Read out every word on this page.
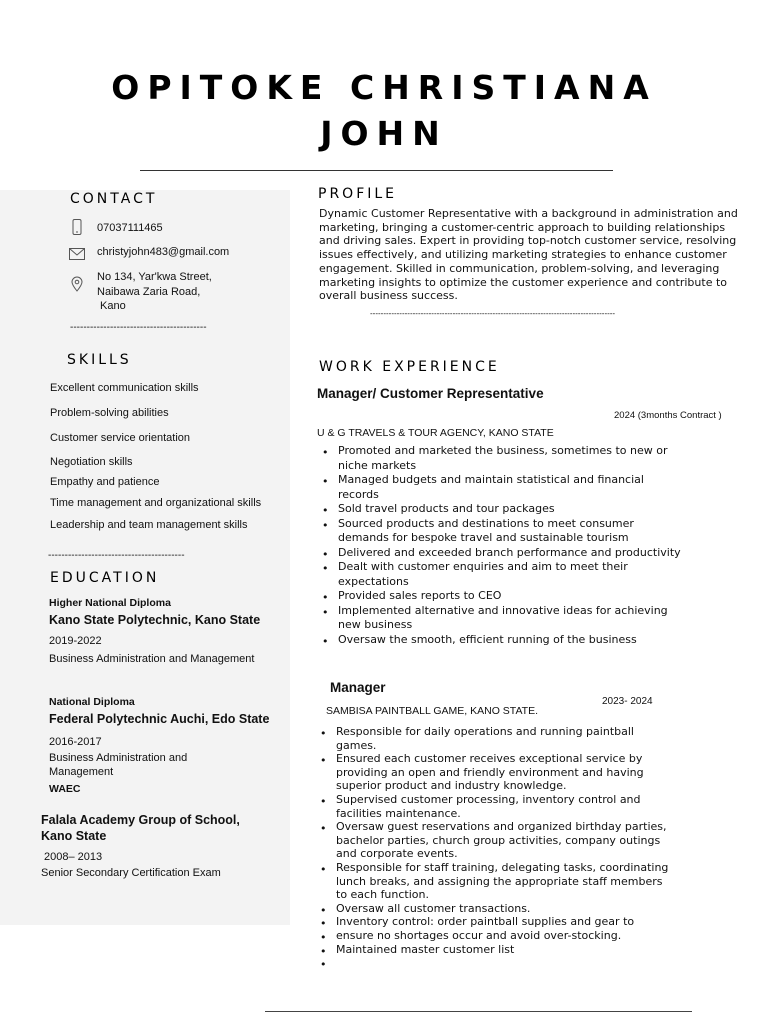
OPITOKE CHRISTIANA
JOHN
CONTACT
07037111465
christyjohn483@gmail.com
No 134, Yar'kwa Street,
Naibawa Zaria Road,
Kano
-----------------------------------------
SKILLS
Excellent communication skills
Problem-solving abilities
Customer service orientation
Negotiation skills
Empathy and patience
Time management and organizational skills
Leadership and team management skills
-----------------------------------------
EDUCATION
Higher National Diploma
Kano State Polytechnic, Kano State
2019-2022
Business Administration and Management
National Diploma
Federal Polytechnic Auchi, Edo State
2016-2017
Business Administration and
Management
WAEC
Falala Academy Group of School,
Kano State
2008– 2013
Senior Secondary Certification Exam
PROFILE
Dynamic Customer Representative with a background in administration and
marketing, bringing a customer-centric approach to building relationships
and driving sales. Expert in providing top-notch customer service, resolving
issues effectively, and utilizing marketing strategies to enhance customer
engagement. Skilled in communication, problem-solving, and leveraging
marketing insights to optimize the customer experience and contribute to
overall business success.
--------------------------------------------------------------------------------------------
WORK EXPERIENCE
Manager/ Customer Representative
2024 (3months Contract )
U & G TRAVELS & TOUR AGENCY, KANO STATE
• Promoted and marketed the business, sometimes to new or
niche markets
• Managed budgets and maintain statistical and financial
records
• Sold travel products and tour packages
• Sourced products and destinations to meet consumer
demands for bespoke travel and sustainable tourism
• Delivered and exceeded branch performance and productivity
• Dealt with customer enquiries and aim to meet their
expectations
• Provided sales reports to CEO
• Implemented alternative and innovative ideas for achieving
new business
• Oversaw the smooth, efficient running of the business
Manager
2023- 2024
SAMBISA PAINTBALL GAME, KANO STATE.
• Responsible for daily operations and running paintball
games.
• Ensured each customer receives exceptional service by
providing an open and friendly environment and having
superior product and industry knowledge.
• Supervised customer processing, inventory control and
facilities maintenance.
• Oversaw guest reservations and organized birthday parties,
bachelor parties, church group activities, company outings
and corporate events.
• Responsible for staff training, delegating tasks, coordinating
lunch breaks, and assigning the appropriate staff members
to each function.
• Oversaw all customer transactions.
• Inventory control: order paintball supplies and gear to
• ensure no shortages occur and avoid over-stocking.
• Maintained master customer list
•
